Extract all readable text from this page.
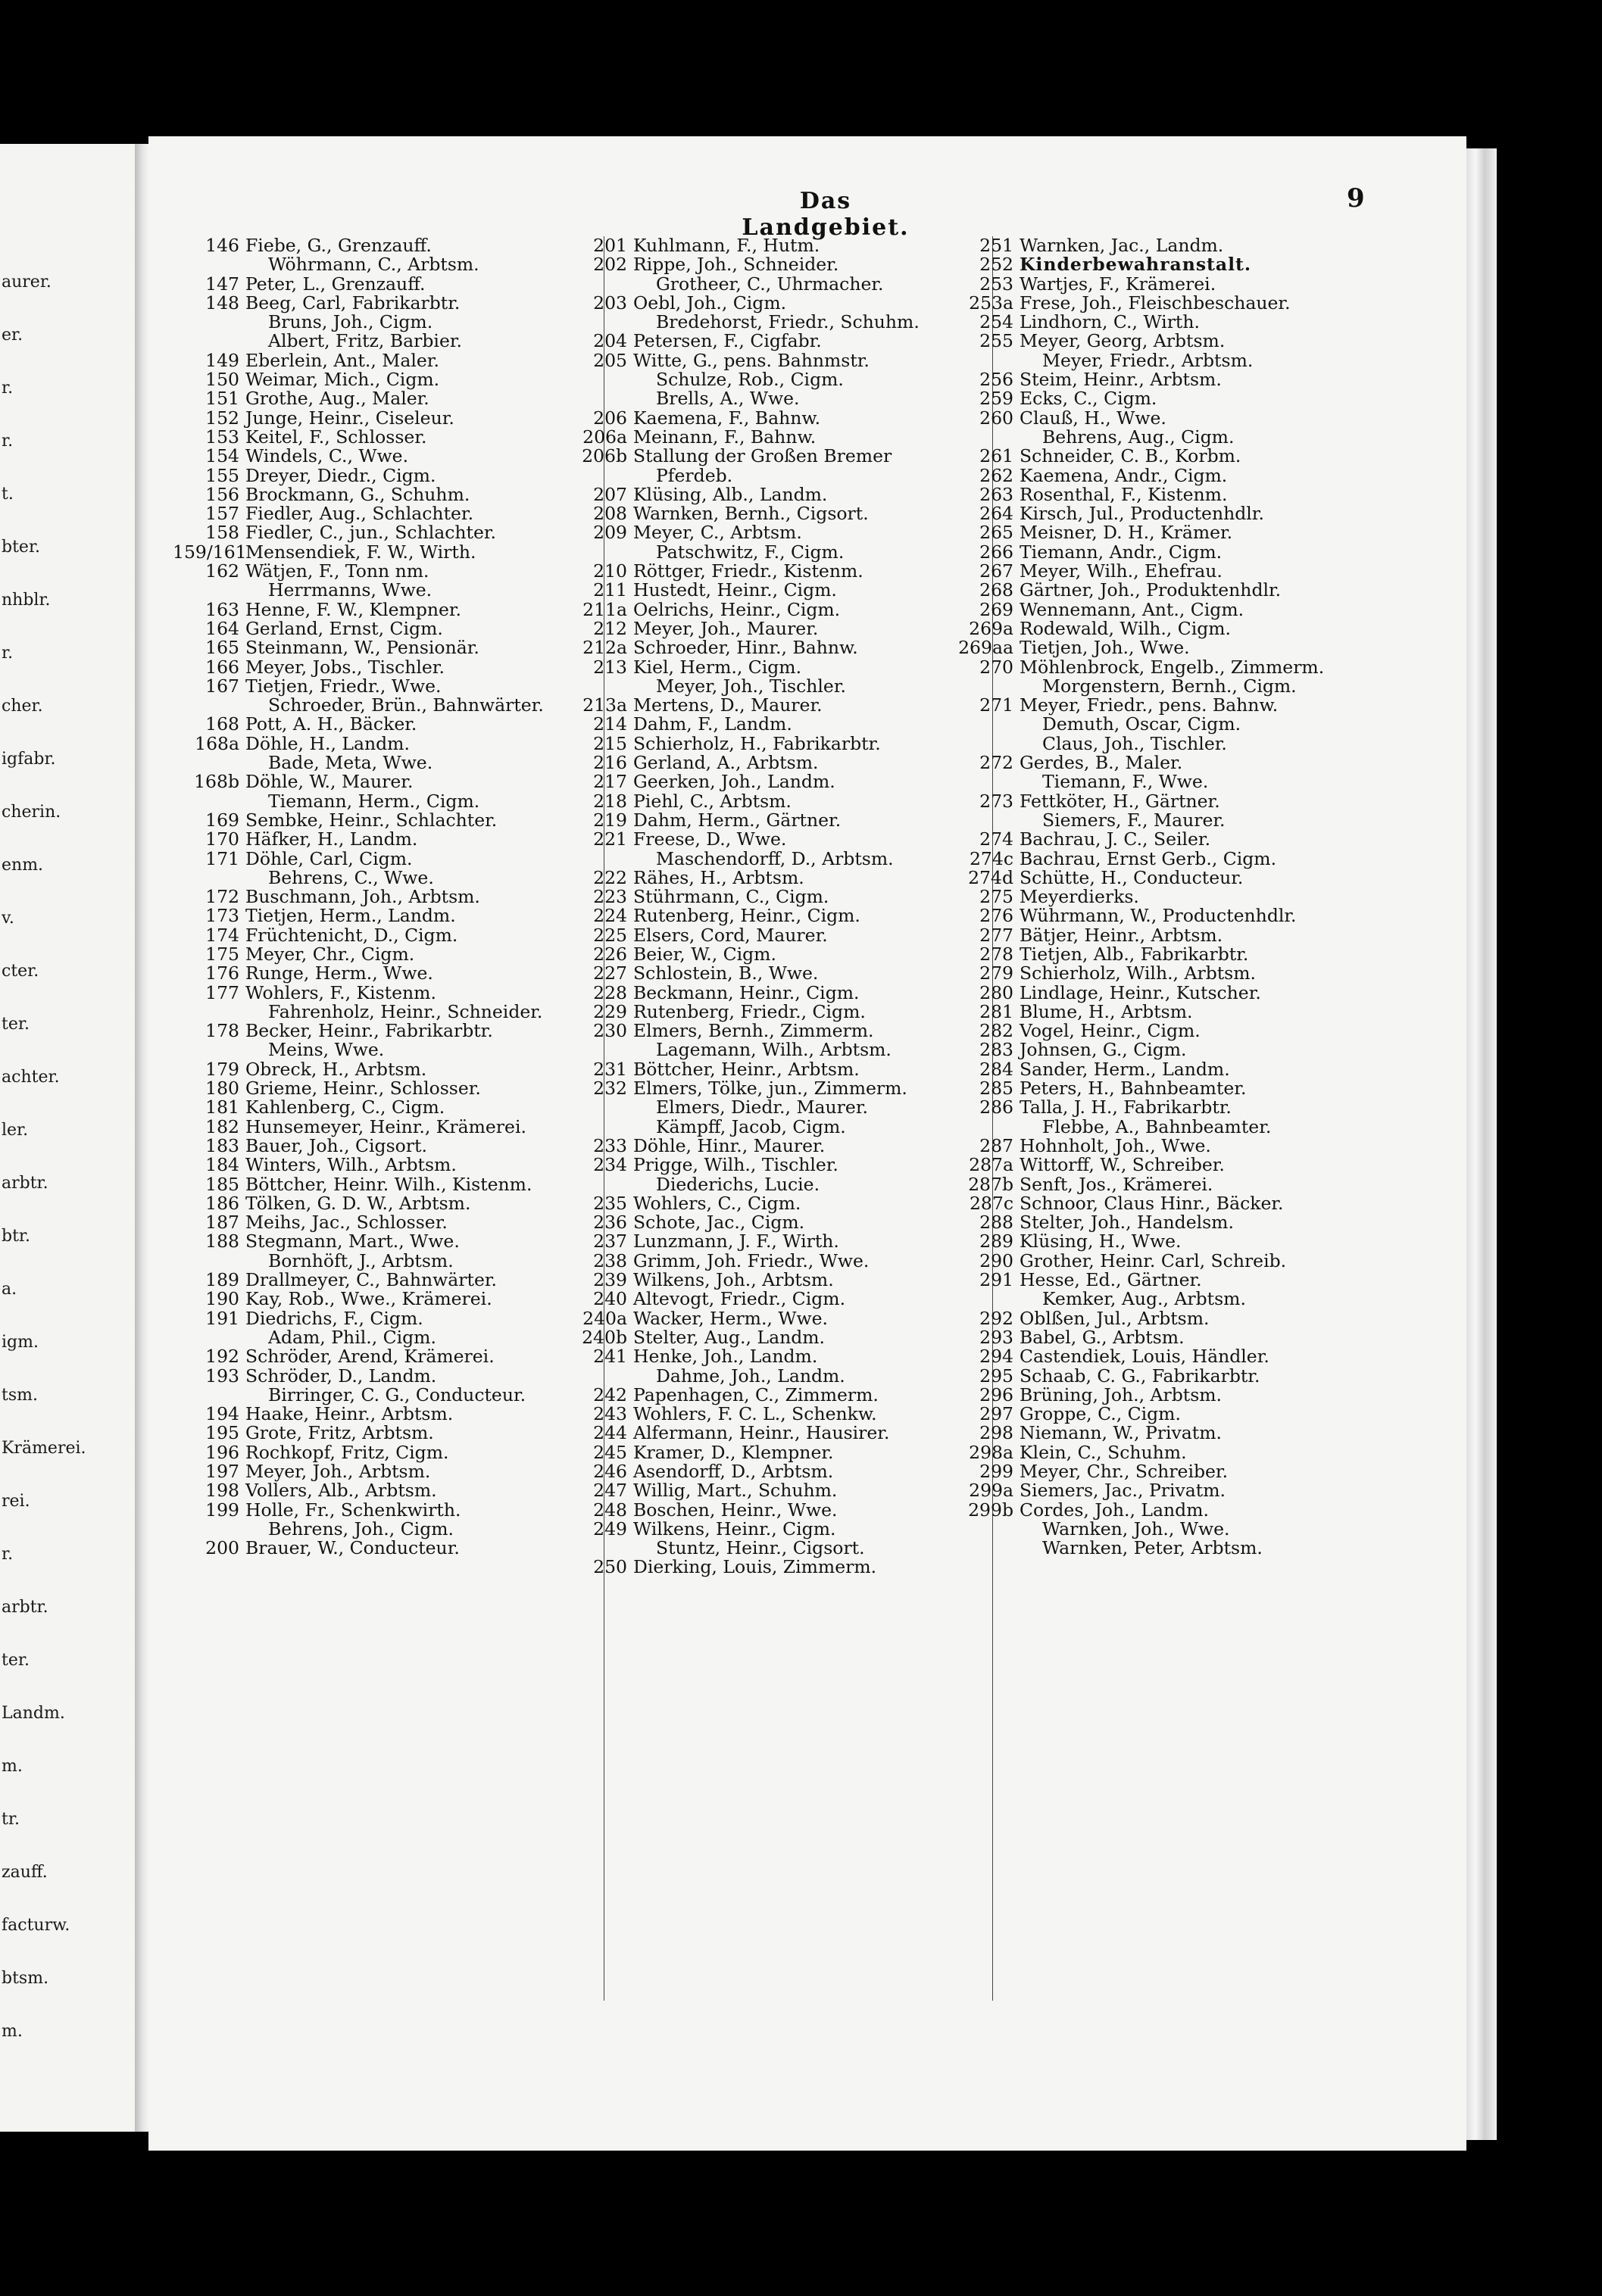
aurer.
er.
r.
r.
t.
bter.
nhblr.
r.
cher.
igfabr.
cherin.
enm.
v.
cter.
ter.
achter.
ler.
arbtr.
btr.
a.
igm.
tsm.
Krämerei.
rei.
r.
arbtr.
ter.
Landm.
m.
tr.
zauff.
facturw.
btsm.
m.
Das Landgebiet.
9
146 Fiebe, G., Grenzauff.
Wöhrmann, C., Arbtsm.
147 Peter, L., Grenzauff.
148 Beeg, Carl, Fabrikarbtr.
Bruns, Joh., Cigm.
Albert, Fritz, Barbier.
149 Eberlein, Ant., Maler.
150 Weimar, Mich., Cigm.
151 Grothe, Aug., Maler.
152 Junge, Heinr., Ciseleur.
153 Keitel, F., Schlosser.
154 Windels, C., Wwe.
155 Dreyer, Diedr., Cigm.
156 Brockmann, G., Schuhm.
157 Fiedler, Aug., Schlachter.
158 Fiedler, C., jun., Schlachter.
159/161
Mensendiek, F. W., Wirth.
162 Wätjen, F., Tonn nm.
Herrmanns, Wwe.
163 Henne, F. W., Klempner.
164 Gerland, Ernst, Cigm.
165 Steinmann, W., Pensionär.
166 Meyer, Jobs., Tischler.
167 Tietjen, Friedr., Wwe.
Schroeder, Brün., Bahnwärter.
168 Pott, A. H., Bäcker.
168a Döhle, H., Landm.
Bade, Meta, Wwe.
168b Döhle, W., Maurer.
Tiemann, Herm., Cigm.
169 Sembke, Heinr., Schlachter.
170 Häfker, H., Landm.
171 Döhle, Carl, Cigm.
Behrens, C., Wwe.
172 Buschmann, Joh., Arbtsm.
173 Tietjen, Herm., Landm.
174 Früchtenicht, D., Cigm.
175 Meyer, Chr., Cigm.
176 Runge, Herm., Wwe.
177 Wohlers, F., Kistenm.
Fahrenholz, Heinr., Schneider.
178 Becker, Heinr., Fabrikarbtr.
Meins, Wwe.
179 Obreck, H., Arbtsm.
180 Grieme, Heinr., Schlosser.
181 Kahlenberg, C., Cigm.
182 Hunsemeyer, Heinr., Krämerei.
183 Bauer, Joh., Cigsort.
184 Winters, Wilh., Arbtsm.
185 Böttcher, Heinr. Wilh., Kistenm.
186 Tölken, G. D. W., Arbtsm.
187 Meihs, Jac., Schlosser.
188 Stegmann, Mart., Wwe.
Bornhöft, J., Arbtsm.
189 Drallmeyer, C., Bahnwärter.
190 Kay, Rob., Wwe., Krämerei.
191 Diedrichs, F., Cigm.
Adam, Phil., Cigm.
192 Schröder, Arend, Krämerei.
193 Schröder, D., Landm.
Birringer, C. G., Conducteur.
194 Haake, Heinr., Arbtsm.
195 Grote, Fritz, Arbtsm.
196 Rochkopf, Fritz, Cigm.
197 Meyer, Joh., Arbtsm.
198 Vollers, Alb., Arbtsm.
199 Holle, Fr., Schenkwirth.
Behrens, Joh., Cigm.
200 Brauer, W., Conducteur.
201 Kuhlmann, F., Hutm.
202 Rippe, Joh., Schneider.
Grotheer, C., Uhrmacher.
203 Oebl, Joh., Cigm.
Bredehorst, Friedr., Schuhm.
204 Petersen, F., Cigfabr.
205 Witte, G., pens. Bahnmstr.
Schulze, Rob., Cigm.
Brells, A., Wwe.
206 Kaemena, F., Bahnw.
206a Meinann, F., Bahnw.
206b Stallung der Großen Bremer
Pferdeb.
207 Klüsing, Alb., Landm.
208 Warnken, Bernh., Cigsort.
209 Meyer, C., Arbtsm.
Patschwitz, F., Cigm.
210 Röttger, Friedr., Kistenm.
211 Hustedt, Heinr., Cigm.
211a Oelrichs, Heinr., Cigm.
212 Meyer, Joh., Maurer.
212a Schroeder, Hinr., Bahnw.
213 Kiel, Herm., Cigm.
Meyer, Joh., Tischler.
213a Mertens, D., Maurer.
214 Dahm, F., Landm.
215 Schierholz, H., Fabrikarbtr.
216 Gerland, A., Arbtsm.
217 Geerken, Joh., Landm.
218 Piehl, C., Arbtsm.
219 Dahm, Herm., Gärtner.
221 Freese, D., Wwe.
Maschendorff, D., Arbtsm.
222 Rähes, H., Arbtsm.
223 Stührmann, C., Cigm.
224 Rutenberg, Heinr., Cigm.
225 Elsers, Cord, Maurer.
226 Beier, W., Cigm.
227 Schlostein, B., Wwe.
228 Beckmann, Heinr., Cigm.
229 Rutenberg, Friedr., Cigm.
230 Elmers, Bernh., Zimmerm.
Lagemann, Wilh., Arbtsm.
231 Böttcher, Heinr., Arbtsm.
232 Elmers, Tölke, jun., Zimmerm.
Elmers, Diedr., Maurer.
Kämpff, Jacob, Cigm.
233 Döhle, Hinr., Maurer.
234 Prigge, Wilh., Tischler.
Diederichs, Lucie.
235 Wohlers, C., Cigm.
236 Schote, Jac., Cigm.
237 Lunzmann, J. F., Wirth.
238 Grimm, Joh. Friedr., Wwe.
239 Wilkens, Joh., Arbtsm.
240 Altevogt, Friedr., Cigm.
240a Wacker, Herm., Wwe.
240b Stelter, Aug., Landm.
241 Henke, Joh., Landm.
Dahme, Joh., Landm.
242 Papenhagen, C., Zimmerm.
243 Wohlers, F. C. L., Schenkw.
244 Alfermann, Heinr., Hausirer.
245 Kramer, D., Klempner.
246 Asendorff, D., Arbtsm.
247 Willig, Mart., Schuhm.
248 Boschen, Heinr., Wwe.
249 Wilkens, Heinr., Cigm.
Stuntz, Heinr., Cigsort.
250 Dierking, Louis, Zimmerm.
251 Warnken, Jac., Landm.
252 Kinderbewahranstalt.
253 Wartjes, F., Krämerei.
253a Frese, Joh., Fleischbeschauer.
254 Lindhorn, C., Wirth.
255 Meyer, Georg, Arbtsm.
Meyer, Friedr., Arbtsm.
256 Steim, Heinr., Arbtsm.
259 Ecks, C., Cigm.
260 Clauß, H., Wwe.
Behrens, Aug., Cigm.
261 Schneider, C. B., Korbm.
262 Kaemena, Andr., Cigm.
263 Rosenthal, F., Kistenm.
264 Kirsch, Jul., Productenhdlr.
265 Meisner, D. H., Krämer.
266 Tiemann, Andr., Cigm.
267 Meyer, Wilh., Ehefrau.
268 Gärtner, Joh., Produktenhdlr.
269 Wennemann, Ant., Cigm.
269a Rodewald, Wilh., Cigm.
269aa Tietjen, Joh., Wwe.
270 Möhlenbrock, Engelb., Zimmerm.
Morgenstern, Bernh., Cigm.
271 Meyer, Friedr., pens. Bahnw.
Demuth, Oscar, Cigm.
Claus, Joh., Tischler.
272 Gerdes, B., Maler.
Tiemann, F., Wwe.
273 Fettköter, H., Gärtner.
Siemers, F., Maurer.
274 Bachrau, J. C., Seiler.
274c Bachrau, Ernst Gerb., Cigm.
274d Schütte, H., Conducteur.
275 Meyerdierks.
276 Wührmann, W., Productenhdlr.
277 Bätjer, Heinr., Arbtsm.
278 Tietjen, Alb., Fabrikarbtr.
279 Schierholz, Wilh., Arbtsm.
280 Lindlage, Heinr., Kutscher.
281 Blume, H., Arbtsm.
282 Vogel, Heinr., Cigm.
283 Johnsen, G., Cigm.
284 Sander, Herm., Landm.
285 Peters, H., Bahnbeamter.
286 Talla, J. H., Fabrikarbtr.
Flebbe, A., Bahnbeamter.
287 Hohnholt, Joh., Wwe.
287a Wittorff, W., Schreiber.
287b Senft, Jos., Krämerei.
287c Schnoor, Claus Hinr., Bäcker.
288 Stelter, Joh., Handelsm.
289 Klüsing, H., Wwe.
290 Grother, Heinr. Carl, Schreib.
291 Hesse, Ed., Gärtner.
Kemker, Aug., Arbtsm.
292 Oblßen, Jul., Arbtsm.
293 Babel, G., Arbtsm.
294 Castendiek, Louis, Händler.
295 Schaab, C. G., Fabrikarbtr.
296 Brüning, Joh., Arbtsm.
297 Groppe, C., Cigm.
298 Niemann, W., Privatm.
298a Klein, C., Schuhm.
299 Meyer, Chr., Schreiber.
299a Siemers, Jac., Privatm.
299b Cordes, Joh., Landm.
Warnken, Joh., Wwe.
Warnken, Peter, Arbtsm.
